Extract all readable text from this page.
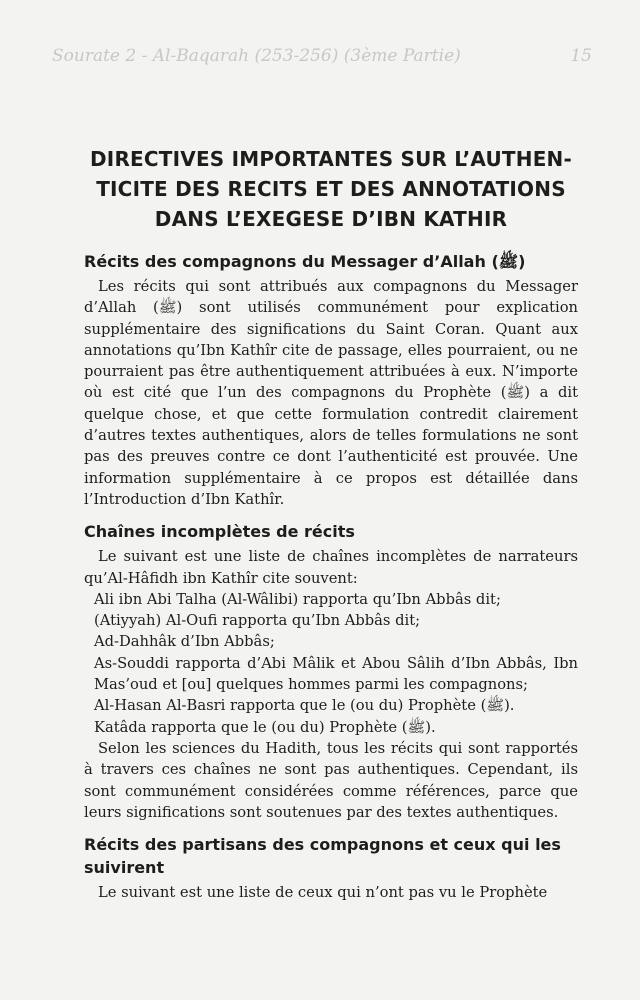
Sourate 2 - Al-Baqarah (253-256) (3ème Partie)	15
DIRECTIVES IMPORTANTES SUR L’AUTHEN-
TICITE DES RECITS ET DES ANNOTATIONS
DANS L’EXEGESE D’IBN KATHIR
Récits des compagnons du Messager d’Allah (ﷺ)

Les récits qui sont attribués aux compagnons du Messager d’Allah (ﷺ) sont utilisés communément pour explication supplémentaire des significations du Saint Coran. Quant aux annotations qu’Ibn Kathîr cite de passage, elles pourraient, ou ne pourraient pas être authentiquement attribuées à eux. N’importe où est cité que l’un des compagnons du Prophète (ﷺ) a dit quelque chose, et que cette formulation contredit clairement d’autres textes authentiques, alors de telles formulations ne sont pas des preuves contre ce dont l’authenticité est prouvée. Une information supplémentaire à ce propos est détaillée dans l’Introduction d’Ibn Kathîr.

Chaînes incomplètes de récits

Le suivant est une liste de chaînes incomplètes de narrateurs qu’Al-Hâfidh ibn Kathîr cite souvent:

Ali ibn Abi Talha (Al-Wâlibi) rapporta qu’Ibn Abbâs dit;

(Atiyyah) Al-Oufi rapporta qu’Ibn Abbâs dit;

Ad-Dahhâk d’Ibn Abbâs;

As-Souddi rapporta d’Abi Mâlik et Abou Sâlih d’Ibn Abbâs, Ibn Mas’oud et [ou] quelques hommes parmi les compagnons;

Al-Hasan Al-Basri rapporta que le (ou du) Prophète (ﷺ).

Katâda rapporta que le (ou du) Prophète (ﷺ).

Selon les sciences du Hadith, tous les récits qui sont rapportés à travers ces chaînes ne sont pas authentiques. Cependant, ils sont communément considérées comme références, parce que leurs significations sont soutenues par des textes authentiques.

Récits des partisans des compagnons et ceux qui les suivirent

Le suivant est une liste de ceux qui n’ont pas vu le Prophète
